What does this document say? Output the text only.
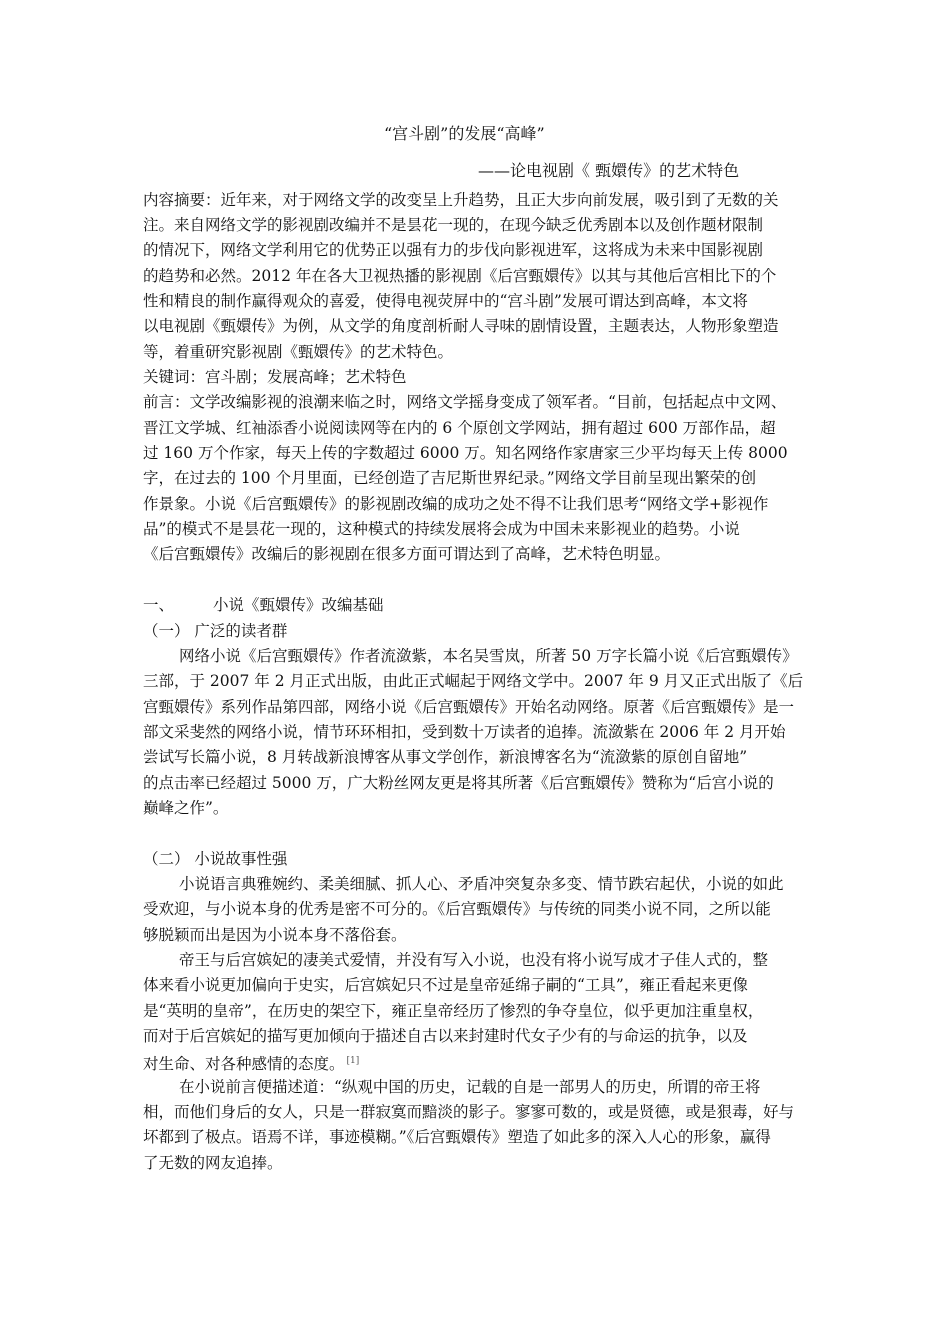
“宫斗剧”的发展“高峰”
——论电视剧《 甄嬛传》的艺术特色
内容摘要：近年来，对于网络文学的改变呈上升趋势，且正大步向前发展，吸引到了无数的关
注。来自网络文学的影视剧改编并不是昙花一现的，在现今缺乏优秀剧本以及创作题材限制
的情况下，网络文学利用它的优势正以强有力的步伐向影视进军，这将成为未来中国影视剧
的趋势和必然。2012 年在各大卫视热播的影视剧《后宫甄嬛传》以其与其他后宫相比下的个
性和精良的制作赢得观众的喜爱，使得电视荧屏中的“宫斗剧”发展可谓达到高峰，本文将
以电视剧《甄嬛传》为例，从文学的角度剖析耐人寻味的剧情设置，主题表达，人物形象塑造
等，着重研究影视剧《甄嬛传》的艺术特色。
关键词：宫斗剧；发展高峰；艺术特色
前言：文学改编影视的浪潮来临之时，网络文学摇身变成了领军者。“目前，包括起点中文网、
晋江文学城、红袖添香小说阅读网等在内的 6 个原创文学网站，拥有超过 600 万部作品，超
过 160 万个作家，每天上传的字数超过 6000 万。知名网络作家唐家三少平均每天上传 8000
字，在过去的 100 个月里面，已经创造了吉尼斯世界纪录。”网络文学目前呈现出繁荣的创
作景象。小说《后宫甄嬛传》的影视剧改编的成功之处不得不让我们思考“网络文学+影视作
品”的模式不是昙花一现的，这种模式的持续发展将会成为中国未来影视业的趋势。小说
《后宫甄嬛传》改编后的影视剧在很多方面可谓达到了高峰，艺术特色明显。
一、	小说《甄嬛传》改编基础
（一） 广泛的读者群
网络小说《后宫甄嬛传》作者流潋紫，本名吴雪岚，所著 50 万字长篇小说《后宫甄嬛传》
三部，于 2007 年 2 月正式出版，由此正式崛起于网络文学中。2007 年 9 月又正式出版了《后
宫甄嬛传》系列作品第四部，网络小说《后宫甄嬛传》开始名动网络。原著《后宫甄嬛传》是一
部文采斐然的网络小说，情节环环相扣，受到数十万读者的追捧。流潋紫在 2006 年 2 月开始
尝试写长篇小说，8 月转战新浪博客从事文学创作，新浪博客名为“流潋紫的原创自留地”
的点击率已经超过 5000 万，广大粉丝网友更是将其所著《后宫甄嬛传》赞称为“后宫小说的
巅峰之作”。
（二） 小说故事性强
小说语言典雅婉约、柔美细腻、抓人心、矛盾冲突复杂多变、情节跌宕起伏，小说的如此
受欢迎，与小说本身的优秀是密不可分的。《后宫甄嬛传》与传统的同类小说不同，之所以能
够脱颖而出是因为小说本身不落俗套。
帝王与后宫嫔妃的凄美式爱情，并没有写入小说，也没有将小说写成才子佳人式的，整
体来看小说更加偏向于史实，后宫嫔妃只不过是皇帝延绵子嗣的“工具”，雍正看起来更像
是“英明的皇帝”，在历史的架空下，雍正皇帝经历了惨烈的争夺皇位，似乎更加注重皇权，
而对于后宫嫔妃的描写更加倾向于描述自古以来封建时代女子少有的与命运的抗争，以及
对生命、对各种感情的态度。 [1]
在小说前言便描述道：“纵观中国的历史，记载的自是一部男人的历史，所谓的帝王将
相，而他们身后的女人，只是一群寂寞而黯淡的影子。寥寥可数的，或是贤德，或是狠毒，好与
坏都到了极点。语焉不详，事迹模糊。”《后宫甄嬛传》塑造了如此多的深入人心的形象，赢得
了无数的网友追捧。
